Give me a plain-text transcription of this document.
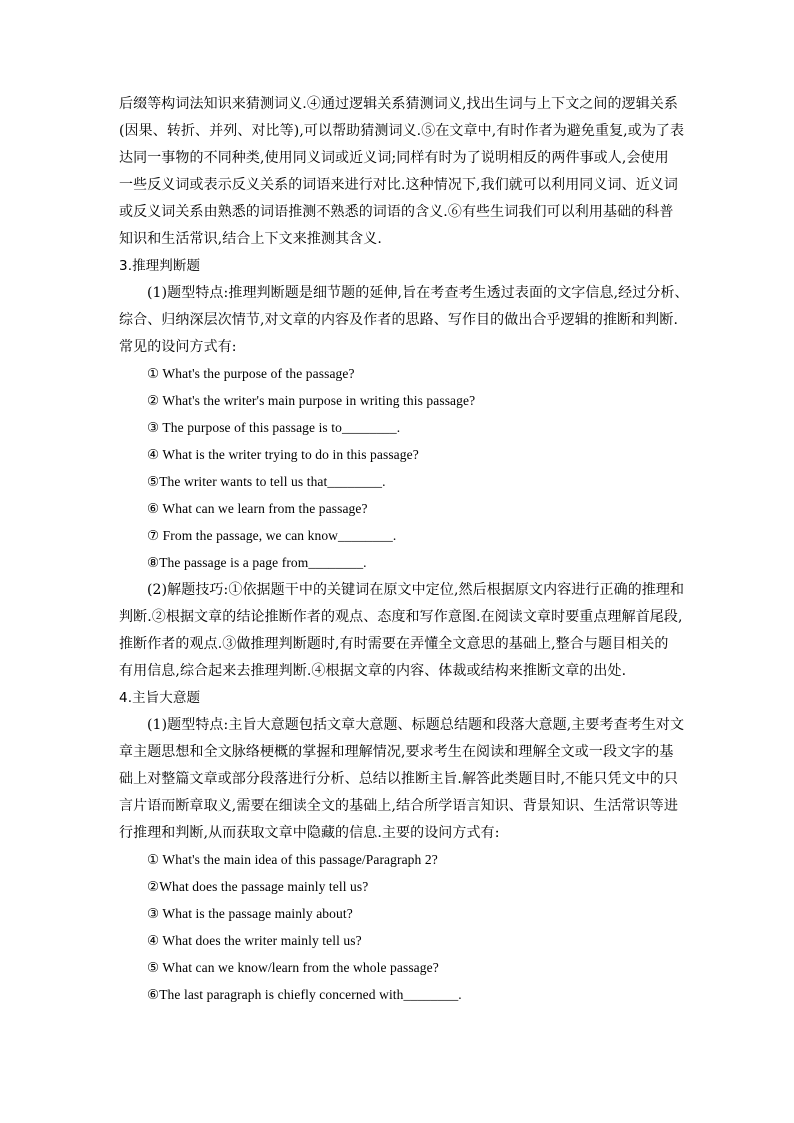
后缀等构词法知识来猜测词义.④通过逻辑关系猜测词义,找出生词与上下文之间的逻辑关系
(因果、转折、并列、对比等),可以帮助猜测词义.⑤在文章中,有时作者为避免重复,或为了表
达同一事物的不同种类,使用同义词或近义词;同样有时为了说明相反的两件事或人,会使用
一些反义词或表示反义关系的词语来进行对比.这种情况下,我们就可以利用同义词、近义词
或反义词关系由熟悉的词语推测不熟悉的词语的含义.⑥有些生词我们可以利用基础的科普
知识和生活常识,结合上下文来推测其含义.
3.推理判断题
(1)题型特点:推理判断题是细节题的延伸,旨在考查考生透过表面的文字信息,经过分析、
综合、归纳深层次情节,对文章的内容及作者的思路、写作目的做出合乎逻辑的推断和判断.
常见的设问方式有:
① What's the purpose of the passage?
② What's the writer's main purpose in writing this passage?
③ The purpose of this passage is to________.
④ What is the writer trying to do in this passage?
⑤The writer wants to tell us that________.
⑥ What can we learn from the passage?
⑦ From the passage, we can know________.
⑧The passage is a page from________.
(2)解题技巧:①依据题干中的关键词在原文中定位,然后根据原文内容进行正确的推理和
判断.②根据文章的结论推断作者的观点、态度和写作意图.在阅读文章时要重点理解首尾段,
推断作者的观点.③做推理判断题时,有时需要在弄懂全文意思的基础上,整合与题目相关的
有用信息,综合起来去推理判断.④根据文章的内容、体裁或结构来推断文章的出处.
4.主旨大意题
(1)题型特点:主旨大意题包括文章大意题、标题总结题和段落大意题,主要考查考生对文
章主题思想和全文脉络梗概的掌握和理解情况,要求考生在阅读和理解全文或一段文字的基
础上对整篇文章或部分段落进行分析、总结以推断主旨.解答此类题目时,不能只凭文中的只
言片语而断章取义,需要在细读全文的基础上,结合所学语言知识、背景知识、生活常识等进
行推理和判断,从而获取文章中隐藏的信息.主要的设问方式有:
① What's the main idea of this passage/Paragraph 2?
②What does the passage mainly tell us?
③ What is the passage mainly about?
④ What does the writer mainly tell us?
⑤ What can we know/learn from the whole passage?
⑥The last paragraph is chiefly concerned with________.
